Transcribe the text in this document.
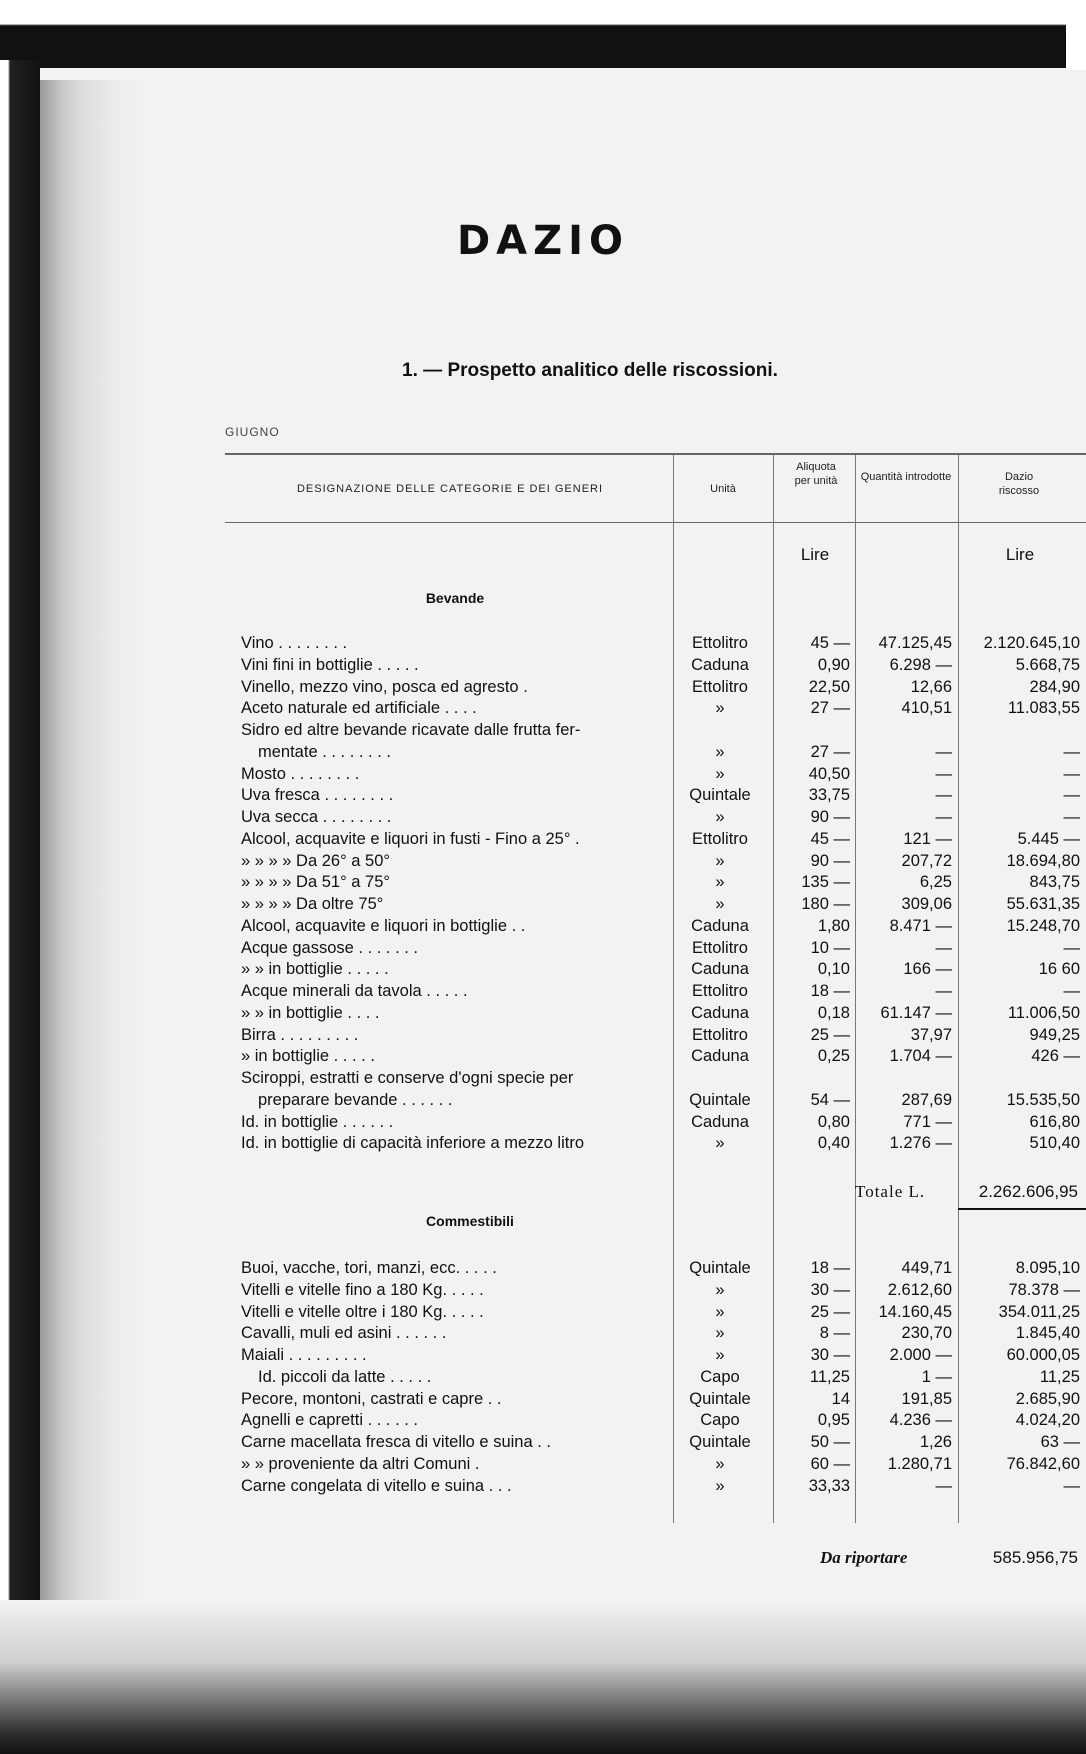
DAZIO
1. — Prospetto analitico delle riscossioni.
GIUGNO
DESIGNAZIONE DELLE CATEGORIE E DEI GENERI	Unità
Aliquota per unità	Quantità introdotte	Dazio riscosso
Lire	Lire
Bevande
Vino . . . . . . . .	Ettolitro	45 —	47.125,45	2.120.645,10
Vini fini in bottiglie . . . . .	Caduna	0,90	6.298 —	5.668,75
Vinello, mezzo vino, posca ed agresto .	Ettolitro	22,50	12,66	284,90
Aceto naturale ed artificiale . . . .	»	27 —	410,51	11.083,55
Sidro ed altre bevande ricavate dalle frutta fer-
mentate . . . . . . . .	»	27 —	—	—
Mosto . . . . . . . .	»	40,50	—	—
Uva fresca . . . . . . . .	Quintale	33,75	—	—
Uva secca . . . . . . . .	»	90 —	—	—
Alcool, acquavite e liquori in fusti - Fino a 25° .	Ettolitro	45 —	121 —	5.445 —
» » » » Da 26° a 50°	»	90 —	207,72	18.694,80
» » » » Da 51° a 75°	»	135 —	6,25	843,75
» » » » Da oltre 75°	»	180 —	309,06	55.631,35
Alcool, acquavite e liquori in bottiglie . .	Caduna	1,80	8.471 —	15.248,70
Acque gassose . . . . . . .	Ettolitro	10 —	—	—
» » in bottiglie . . . . .	Caduna	0,10	166 —	16 60
Acque minerali da tavola . . . . .	Ettolitro	18 —	—	—
» » in bottiglie . . . .	Caduna	0,18	61.147 —	11.006,50
Birra . . . . . . . . .	Ettolitro	25 —	37,97	949,25
» in bottiglie . . . . .	Caduna	0,25	1.704 —	426 —
Sciroppi, estratti e conserve d'ogni specie per
preparare bevande . . . . . .	Quintale	54 —	287,69	15.535,50
Id. in bottiglie . . . . . .	Caduna	0,80	771 —	616,80
Id. in bottiglie di capacità inferiore a mezzo litro	»	0,40	1.276 —	510,40
Totale L.	2.262.606,95
Commestibili
Buoi, vacche, tori, manzi, ecc. . . . .	Quintale	18 —	449,71	8.095,10
Vitelli e vitelle fino a 180 Kg. . . . .	»	30 —	2.612,60	78.378 —
Vitelli e vitelle oltre i 180 Kg. . . . .	»	25 —	14.160,45	354.011,25
Cavalli, muli ed asini . . . . . .	»	8 —	230,70	1.845,40
Maiali . . . . . . . . .	»	30 —	2.000 —	60.000,05
Id. piccoli da latte . . . . .	Capo	11,25	1 —	11,25
Pecore, montoni, castrati e capre . .	Quintale	14	191,85	2.685,90
Agnelli e capretti . . . . . .	Capo	0,95	4.236 —	4.024,20
Carne macellata fresca di vitello e suina . .	Quintale	50 —	1,26	63 —
» » proveniente da altri Comuni .	»	60 —	1.280,71	76.842,60
Carne congelata di vitello e suina . . .	»	33,33	—	—
Da riportare	585.956,75
